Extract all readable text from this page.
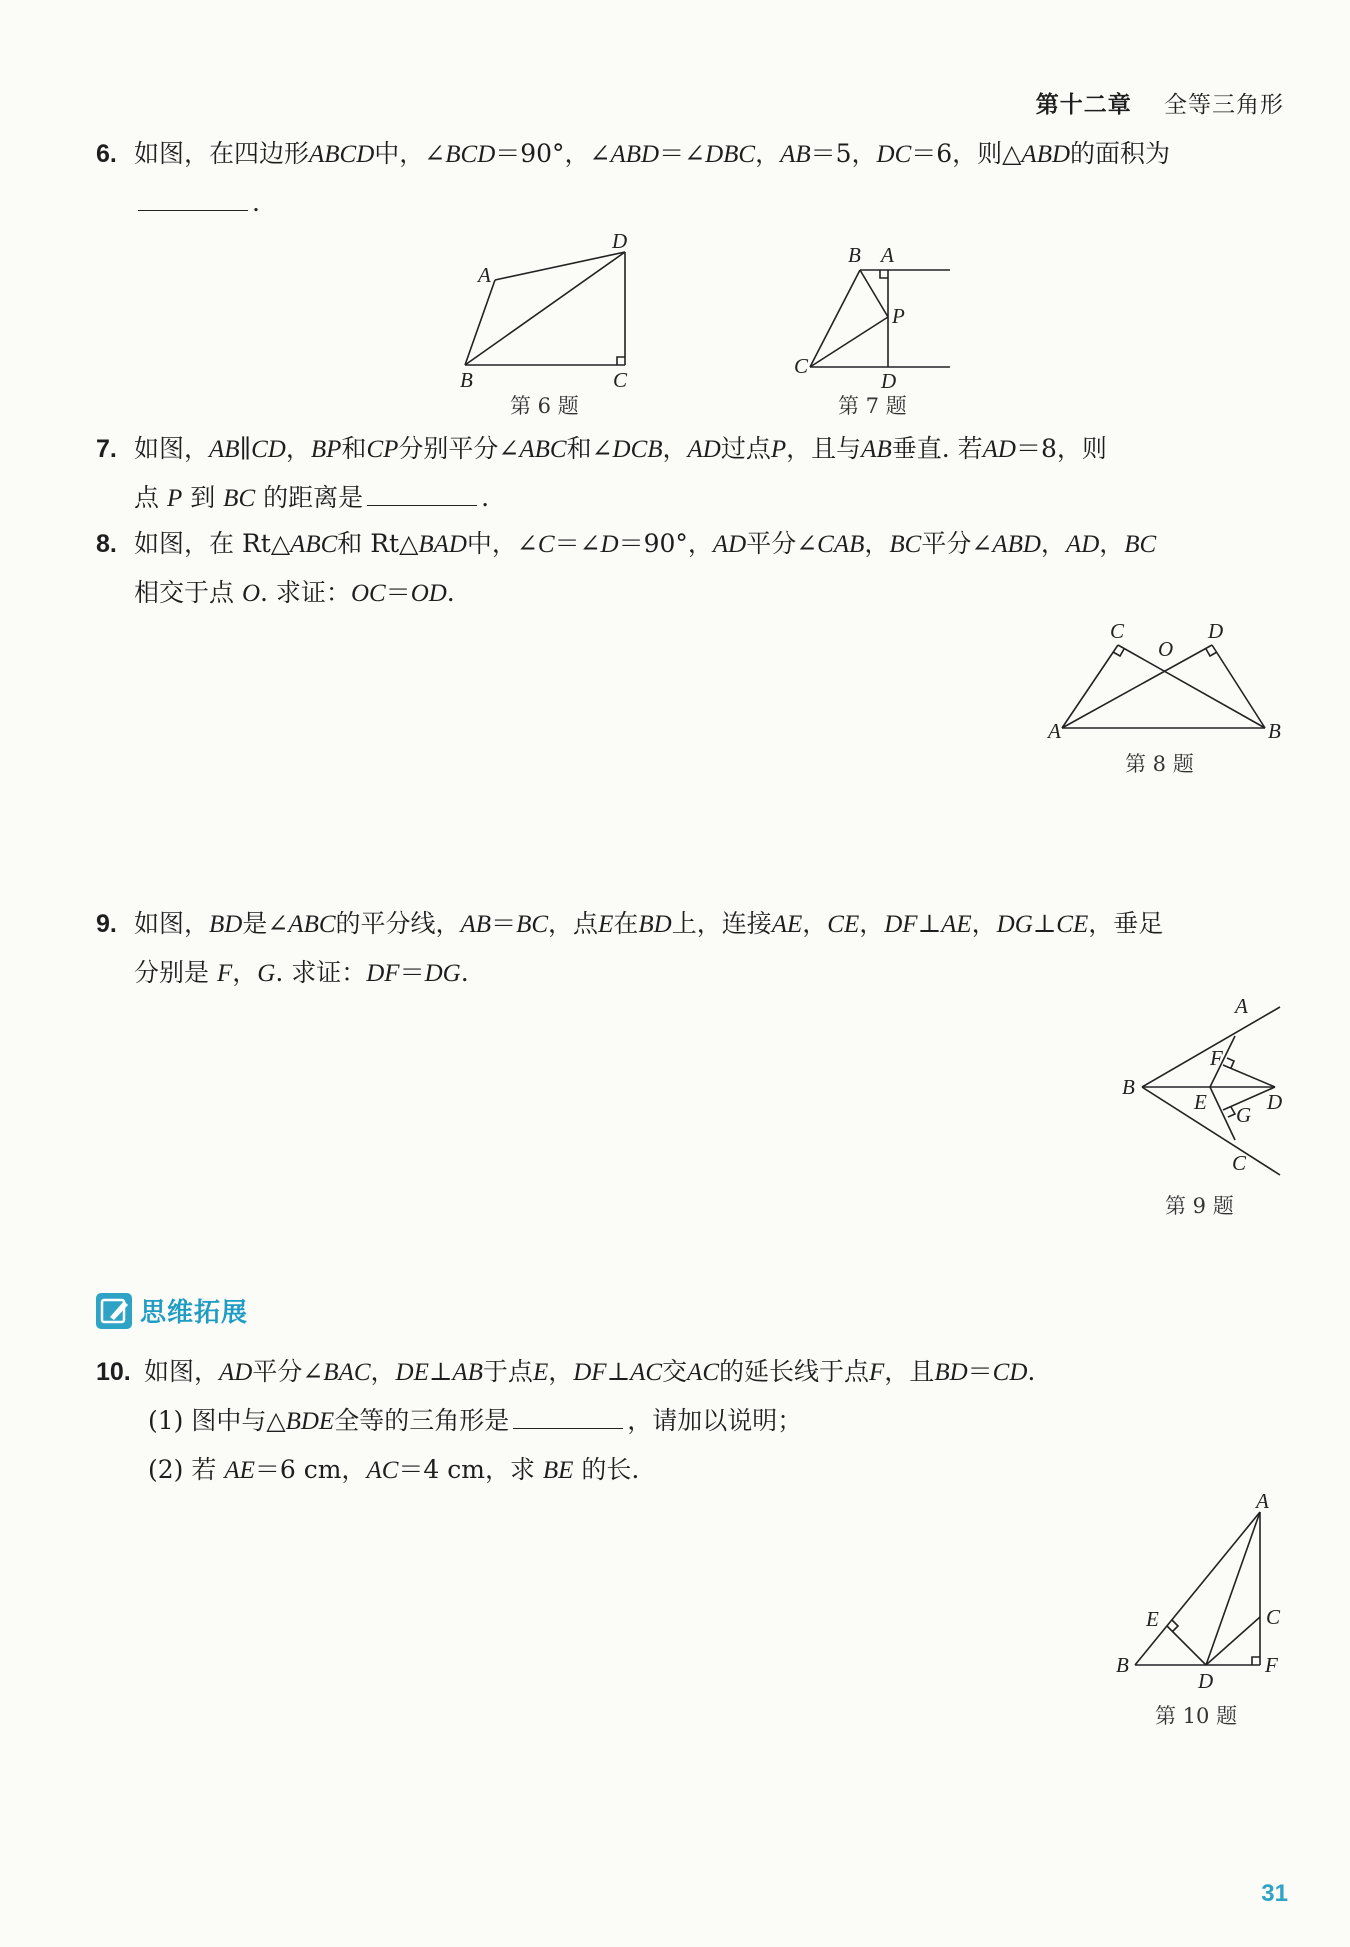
第十二章 全等三角形
6. 如图，在四边形ABCD中，∠BCD＝90°，∠ABD＝∠DBC，AB＝5，DC＝6，则△ABD的面积为
.
A
B	C
D
第 6 题
B A
P
C
D
第 7 题
7. 如图，AB∥CD，BP和CP分别平分∠ABC和∠DCB，AD过点P，且与AB垂直. 若AD＝8，则
点 P 到 BC 的距离是	.
8. 如图，在 Rt△ABC和 Rt△BAD中，∠C＝∠D＝90°，AD平分∠CAB，BC平分∠ABD，AD，BC
相交于点 O. 求证：OC＝OD.
C
O
D
A	B
第 8 题
9. 如图，BD是∠ABC的平分线，AB＝BC，点E在BD上，连接AE，CE，DF⊥AE，DG⊥CE，垂足
分别是 F，G. 求证：DF＝DG.
A
F
B
E	D
G
C
第 9 题
思维拓展
10. 如图，AD平分∠BAC，DE⊥AB于点E，DF⊥AC交AC的延长线于点F，且BD＝CD.
(1) 图中与△BDE全等的三角形是	，请加以说明；
(2) 若 AE＝6 cm，AC＝4 cm，求 BE 的长.
A
E	C
B	F
D
第 10 题
31
